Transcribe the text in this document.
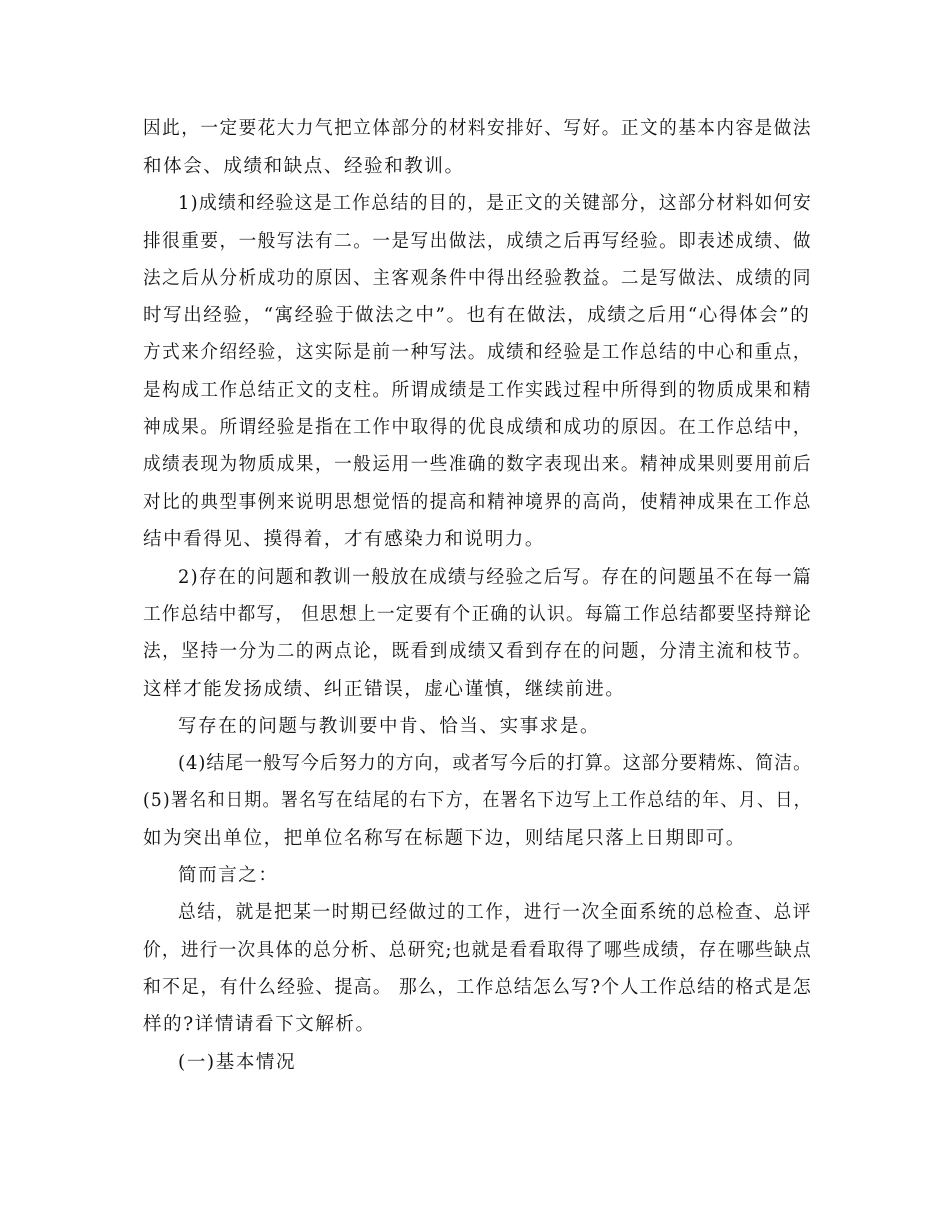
因此，一定要花大力气把立体部分的材料安排好、写好。正文的基本内容是做法

和体会、成绩和缺点、经验和教训。

1)成绩和经验这是工作总结的目的，是正文的关键部分，这部分材料如何安

排很重要，一般写法有二。一是写出做法，成绩之后再写经验。即表述成绩、做

法之后从分析成功的原因、主客观条件中得出经验教益。二是写做法、成绩的同

时写出经验，“寓经验于做法之中”。也有在做法，成绩之后用“心得体会”的

方式来介绍经验，这实际是前一种写法。成绩和经验是工作总结的中心和重点，

是构成工作总结正文的支柱。所谓成绩是工作实践过程中所得到的物质成果和精

神成果。所谓经验是指在工作中取得的优良成绩和成功的原因。在工作总结中，

成绩表现为物质成果，一般运用一些准确的数字表现出来。精神成果则要用前后

对比的典型事例来说明思想觉悟的提高和精神境界的高尚，使精神成果在工作总

结中看得见、摸得着，才有感染力和说明力。

2)存在的问题和教训一般放在成绩与经验之后写。存在的问题虽不在每一篇

工作总结中都写， 但思想上一定要有个正确的认识。每篇工作总结都要坚持辩论

法，坚持一分为二的两点论，既看到成绩又看到存在的问题，分清主流和枝节。

这样才能发扬成绩、纠正错误，虚心谨慎，继续前进。

写存在的问题与教训要中肯、恰当、实事求是。

(4)结尾一般写今后努力的方向，或者写今后的打算。这部分要精炼、简洁。

(5)署名和日期。署名写在结尾的右下方，在署名下边写上工作总结的年、月、日，

如为突出单位，把单位名称写在标题下边，则结尾只落上日期即可。

简而言之：

总结，就是把某一时期已经做过的工作，进行一次全面系统的总检查、总评

价，进行一次具体的总分析、总研究;也就是看看取得了哪些成绩，存在哪些缺点

和不足，有什么经验、提高。 那么，工作总结怎么写?个人工作总结的格式是怎

样的?详情请看下文解析。

(一)基本情况
